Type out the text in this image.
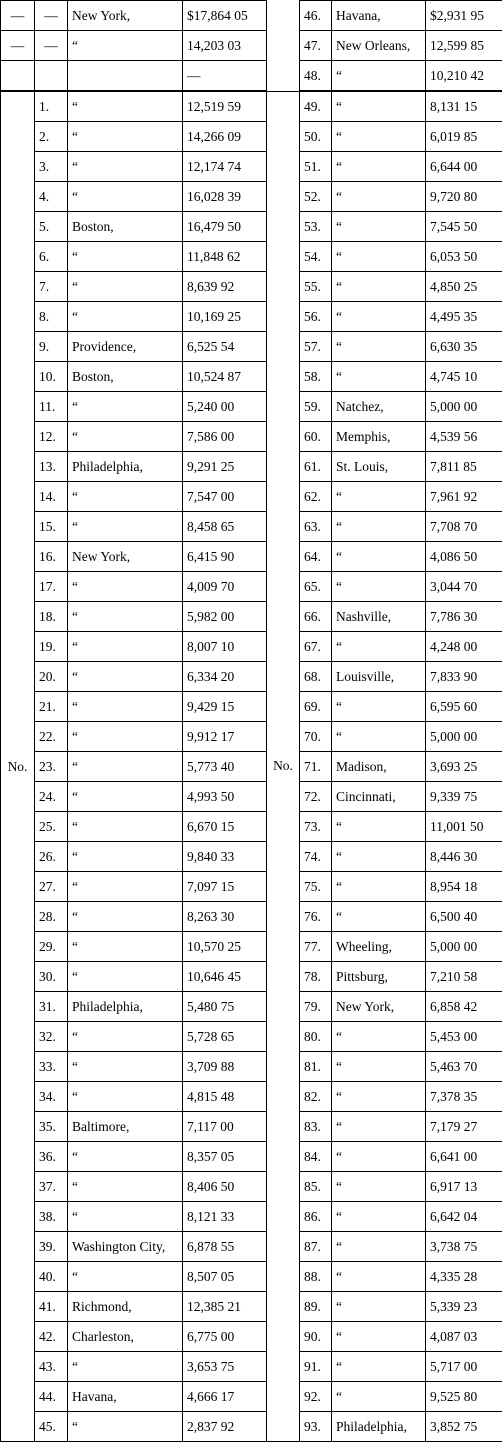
—	—	New York,	$17,864 05		46.	Havana,	$2,931 95
—	—	“	14,203 03		47.	New Orleans,	12,599 85
			—		48.	“	10,210 42
No.	1.	“	12,519 59	No.	49.	“	8,131 15
	2.	“	14,266 09		50.	“	6,019 85
	3.	“	12,174 74		51.	“	6,644 00
	4.	“	16,028 39		52.	“	9,720 80
	5.	Boston,	16,479 50		53.	“	7,545 50
	6.	“	11,848 62		54.	“	6,053 50
	7.	“	8,639 92		55.	“	4,850 25
	8.	“	10,169 25		56.	“	4,495 35
	9.	Providence,	6,525 54		57.	“	6,630 35
	10.	Boston,	10,524 87		58.	“	4,745 10
	11.	“	5,240 00		59.	Natchez,	5,000 00
	12.	“	7,586 00		60.	Memphis,	4,539 56
	13.	Philadelphia,	9,291 25		61.	St. Louis,	7,811 85
	14.	“	7,547 00		62.	“	7,961 92
	15.	“	8,458 65		63.	“	7,708 70
	16.	New York,	6,415 90		64.	“	4,086 50
	17.	“	4,009 70		65.	“	3,044 70
	18.	“	5,982 00		66.	Nashville,	7,786 30
	19.	“	8,007 10		67.	“	4,248 00
	20.	“	6,334 20		68.	Louisville,	7,833 90
	21.	“	9,429 15		69.	“	6,595 60
	22.	“	9,912 17		70.	“	5,000 00
	23.	“	5,773 40		71.	Madison,	3,693 25
	24.	“	4,993 50		72.	Cincinnati,	9,339 75
	25.	“	6,670 15		73.	“	11,001 50
	26.	“	9,840 33		74.	“	8,446 30
	27.	“	7,097 15		75.	“	8,954 18
	28.	“	8,263 30		76.	“	6,500 40
	29.	“	10,570 25		77.	Wheeling,	5,000 00
	30.	“	10,646 45		78.	Pittsburg,	7,210 58
	31.	Philadelphia,	5,480 75		79.	New York,	6,858 42
	32.	“	5,728 65		80.	“	5,453 00
	33.	“	3,709 88		81.	“	5,463 70
	34.	“	4,815 48		82.	“	7,378 35
	35.	Baltimore,	7,117 00		83.	“	7,179 27
	36.	“	8,357 05		84.	“	6,641 00
	37.	“	8,406 50		85.	“	6,917 13
	38.	“	8,121 33		86.	“	6,642 04
	39.	Washington City,	6,878 55		87.	“	3,738 75
	40.	“	8,507 05		88.	“	4,335 28
	41.	Richmond,	12,385 21		89.	“	5,339 23
	42.	Charleston,	6,775 00		90.	“	4,087 03
	43.	“	3,653 75		91.	“	5,717 00
	44.	Havana,	4,666 17		92.	“	9,525 80
	45.	“	2,837 92		93.	Philadelphia,	3,852 75
